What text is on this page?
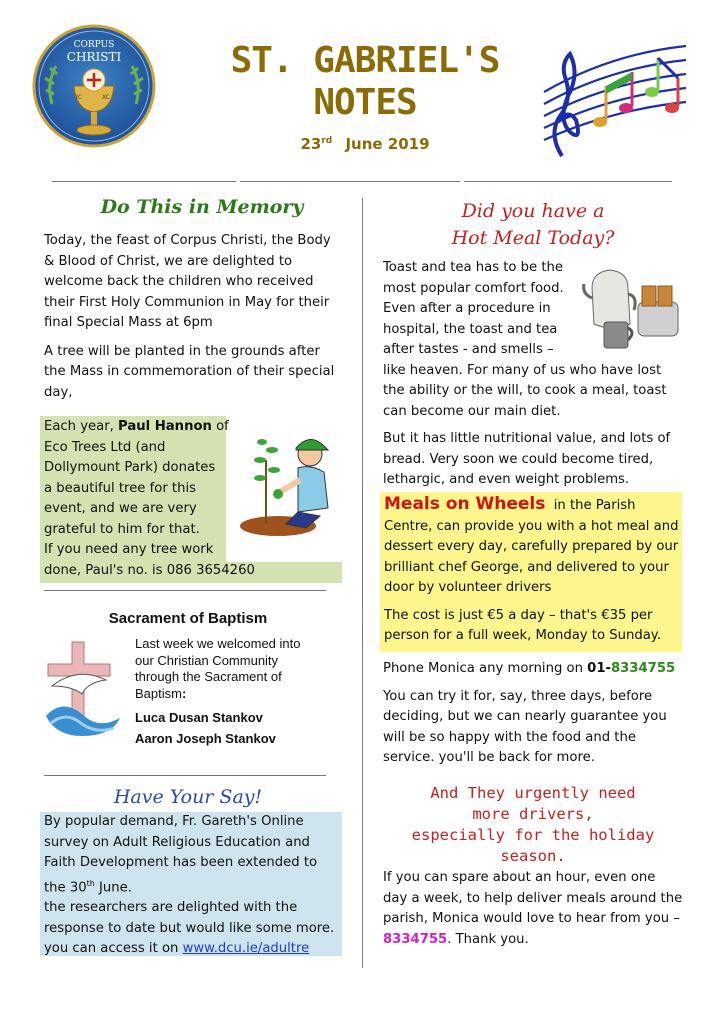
CORPUS
CHRISTI
IC	XC
ST. GABRIEL'S
NOTES
23rd June 2019
Do This in Memory

Today, the feast of Corpus Christi, the Body & Blood of Christ, we are delighted to welcome back the children who received their First Holy Communion in May for their final Special Mass at 6pm

A tree will be planted in the grounds after the Mass in commemoration of their special day,

Each year, Paul Hannon of

Eco Trees Ltd (and

Dollymount Park) donates

a beautiful tree for this

event, and we are very

grateful to him for that.

If you need any tree work

done, Paul's no. is 086 3654260

Sacrament of Baptism

Last week we welcomed into

our Christian Community

through the Sacrament of

Baptism:

Luca Dusan Stankov

Aaron Joseph Stankov

Have Your Say!

By popular demand, Fr. Gareth's Online

survey on Adult Religious Education and

Faith Development has been extended to

the 30th June.

the researchers are delighted with the

response to date but would like some more.

you can access it on www.dcu.ie/adultre

Did you have a
Hot Meal Today?

Toast and tea has to be the

most popular comfort food.

Even after a procedure in

hospital, the toast and tea

after tastes - and smells –

like heaven. For many of us who have lost

the ability or the will, to cook a meal, toast

can become our main diet.

But it has little nutritional value, and lots of bread. Very soon we could become tired, lethargic, and even weight problems.

Meals on Wheels  in the Parish

Centre, can provide you with a hot meal and dessert every day, carefully prepared by our brilliant chef George, and delivered to your door by volunteer drivers

The cost is just €5 a day – that's €35 per person for a full week, Monday to Sunday.

Phone Monica any morning on 01-8334755

You can try it for, say, three days, before deciding, but we can nearly guarantee you will be so happy with the food and the service. you'll be back for more.

And They urgently need
more drivers,
especially for the holiday season.

If you can spare about an hour, even one day a week, to help deliver meals around the parish, Monica would love to hear from you – 8334755. Thank you.
